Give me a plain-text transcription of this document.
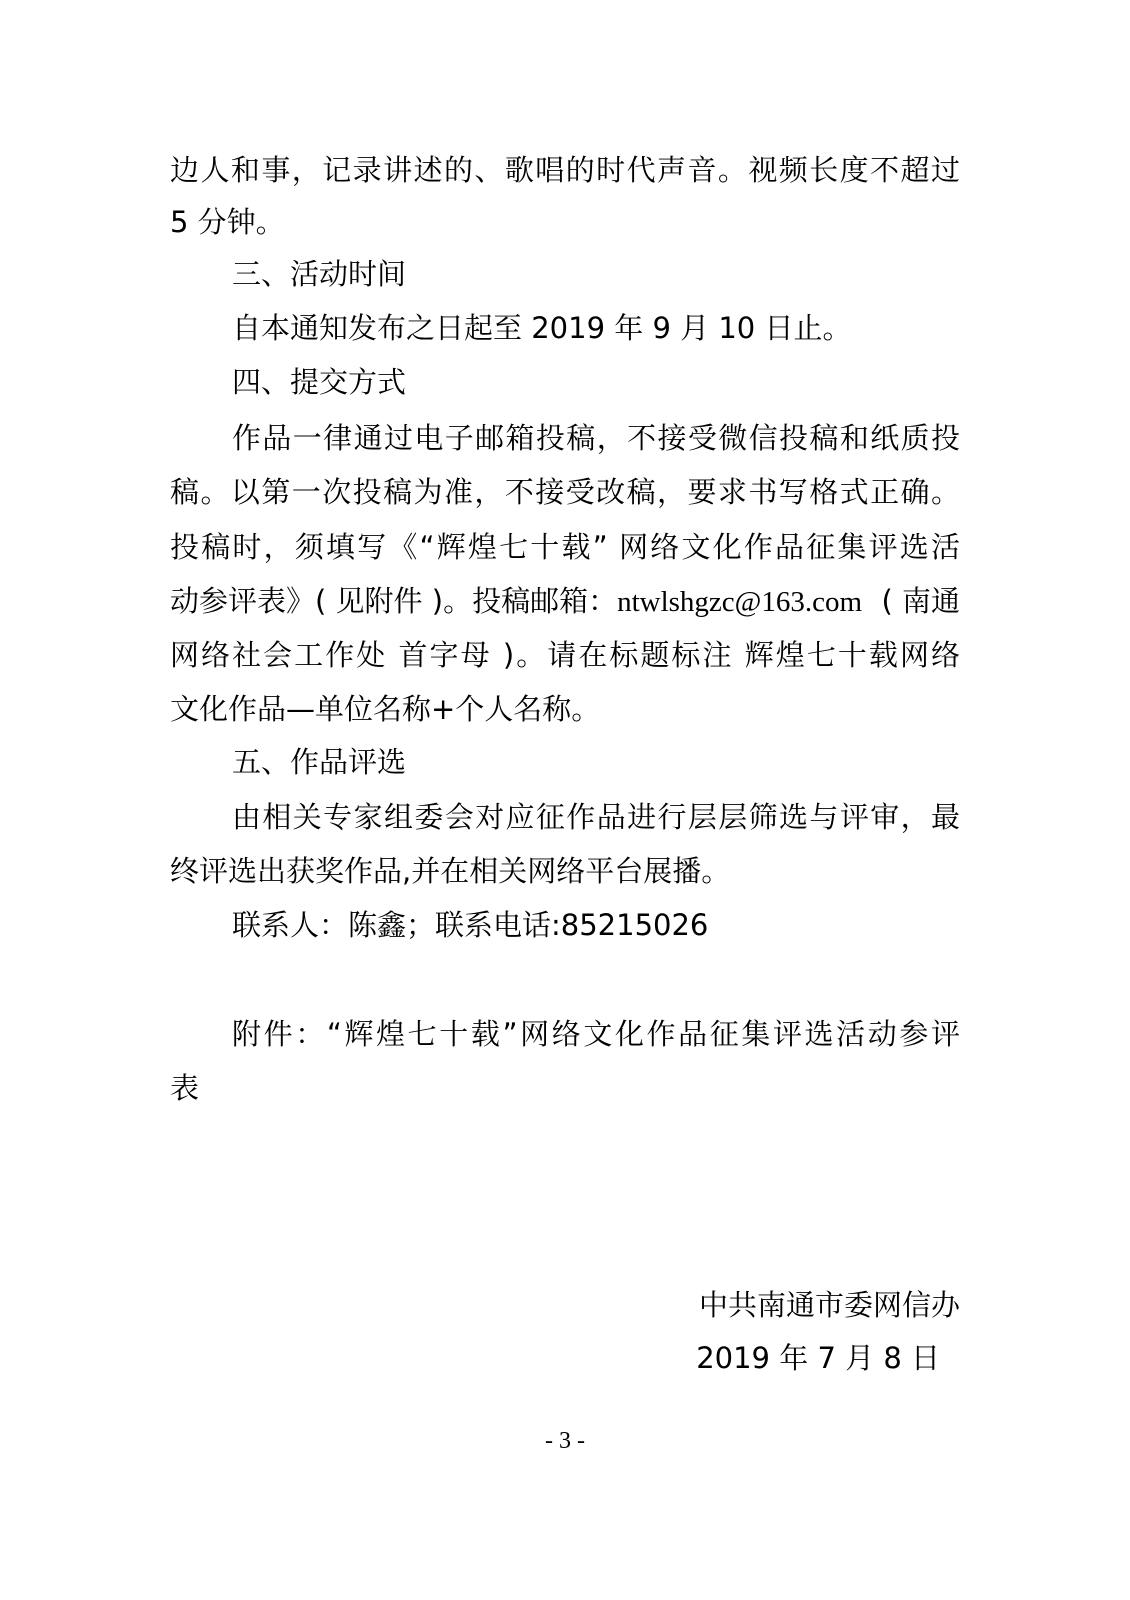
边人和事，记录讲述的、歌唱的时代声音。视频长度不超过
5 分钟。
三、活动时间
自本通知发布之日起至 2019 年 9 月 10 日止。
四、提交方式
作品一律通过电子邮箱投稿，不接受微信投稿和纸质投
稿。以第一次投稿为准，不接受改稿，要求书写格式正确。
投稿时，须填写《“辉煌七十载” 网络文化作品征集评选活
动参评表》( 见附件 )。投稿邮箱：ntwlshgzc@163.com ( 南通
网络社会工作处 首字母 )。请在标题标注 辉煌七十载网络
文化作品—单位名称+个人名称。
五、作品评选
由相关专家组委会对应征作品进行层层筛选与评审，最
终评选出获奖作品,并在相关网络平台展播。
联系人：陈鑫；联系电话:85215026
附件：“辉煌七十载”网络文化作品征集评选活动参评
表
中共南通市委网信办
2019 年 7 月 8 日
- 3 -
